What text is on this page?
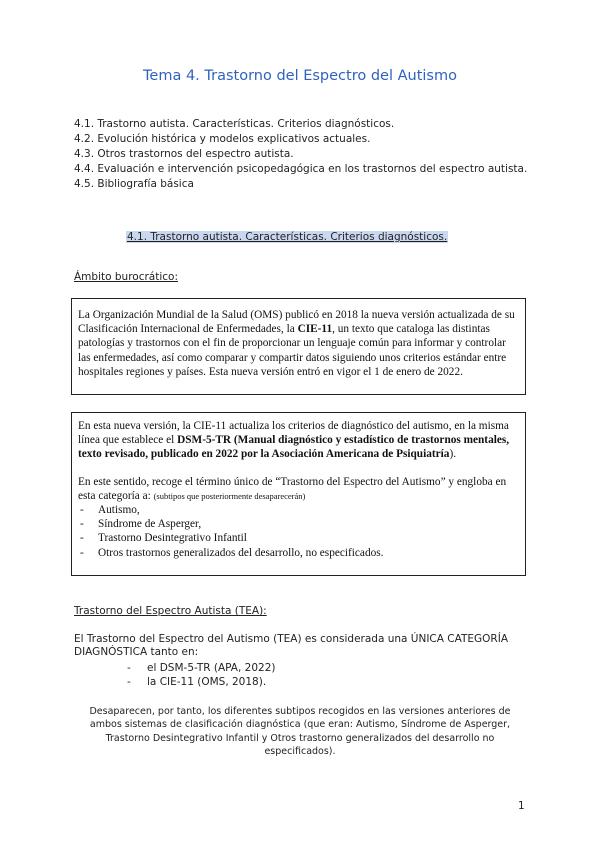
Tema 4. Trastorno del Espectro del Autismo
4.1. Trastorno autista. Características. Criterios diagnósticos.
4.2. Evolución histórica y modelos explicativos actuales.
4.3. Otros trastornos del espectro autista.
4.4. Evaluación e intervención psicopedagógica en los trastornos del espectro autista.
4.5. Bibliografía básica
4.1. Trastorno autista. Características. Criterios diagnósticos.
Ámbito burocrático:

La Organización Mundial de la Salud (OMS) publicó en 2018 la nueva versión actualizada de su Clasificación Internacional de Enfermedades, la CIE-11, un texto que cataloga las distintas patologías y trastornos con el fin de proporcionar un lenguaje común para informar y controlar las enfermedades, así como comparar y compartir datos siguiendo unos criterios estándar entre hospitales regiones y países. Esta nueva versión entró en vigor el 1 de enero de 2022.

En esta nueva versión, la CIE-11 actualiza los criterios de diagnóstico del autismo, en la misma línea que establece el DSM-5-TR (Manual diagnóstico y estadístico de trastornos mentales, texto revisado, publicado en 2022 por la Asociación Americana de Psiquiatría).

En este sentido, recoge el término único de “Trastorno del Espectro del Autismo” y engloba en esta categoría a: (subtipos que posteriormente desaparecerán)

- Autismo,
- Síndrome de Asperger,
- Trastorno Desintegrativo Infantil
- Otros trastornos generalizados del desarrollo, no especificados.
Trastorno del Espectro Autista (TEA):
El Trastorno del Espectro del Autismo (TEA) es considerada una ÚNICA CATEGORÍA DIAGNÓSTICA tanto en:
- el DSM-5-TR (APA, 2022)
- la CIE-11 (OMS, 2018).
Desaparecen, por tanto, los diferentes subtipos recogidos en las versiones anteriores de ambos sistemas de clasificación diagnóstica (que eran: Autismo, Síndrome de Asperger, Trastorno Desintegrativo Infantil y Otros trastorno generalizados del desarrollo no especificados).
1
